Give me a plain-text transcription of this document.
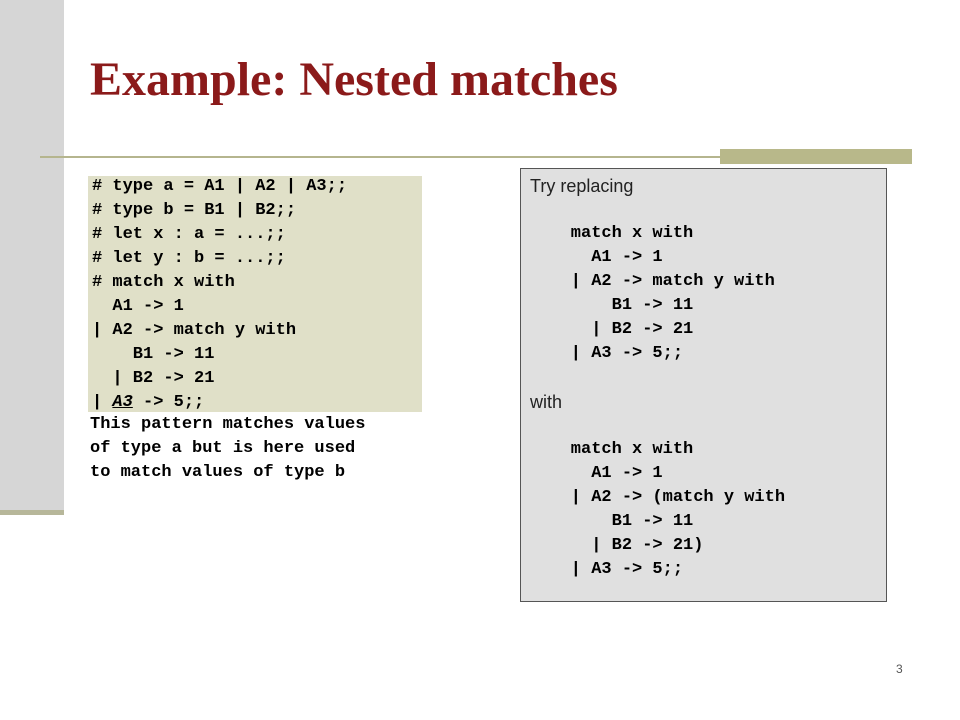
Example: Nested matches
# type a = A1 | A2 | A3;;
# type b = B1 | B2;;
# let x : a = ...;;
# let y : b = ...;;
# match x with
A1 -> 1
| A2 -> match y with
B1 -> 11
| B2 -> 21
| A3 -> 5;;
This pattern matches values
of type a but is here used
to match values of type b

Try replacing

match x with
A1 -> 1
| A2 -> match y with
B1 -> 11
| B2 -> 21
| A3 -> 5;;

with

match x with
A1 -> 1
| A2 -> (match y with
B1 -> 11
| B2 -> 21)
| A3 -> 5;;
3
